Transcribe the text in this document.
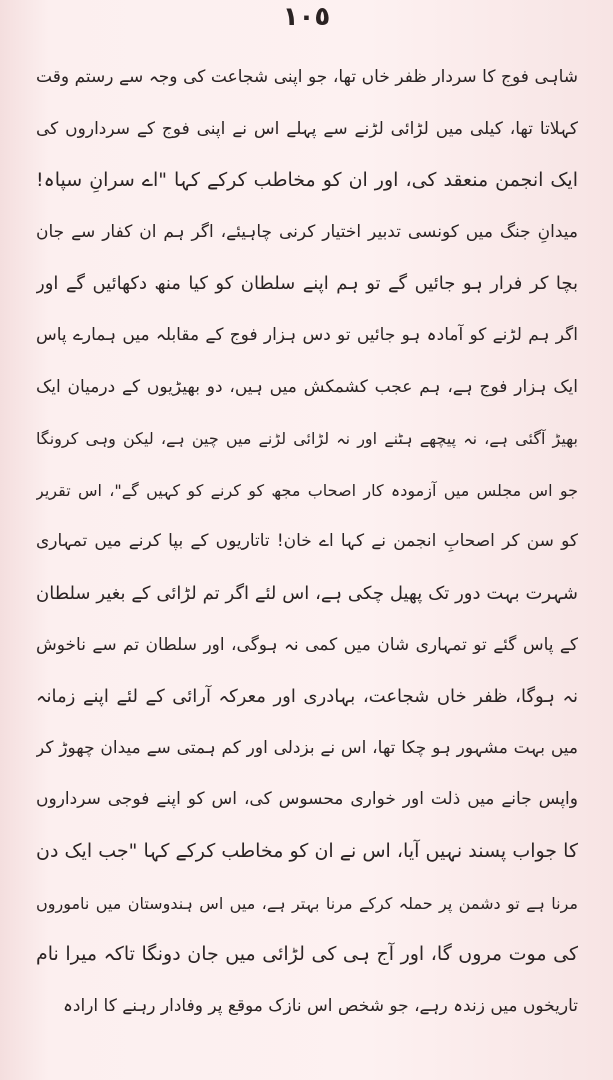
١٠٥
شاہی فوج کا سردار ظفر خاں تھا، جو اپنی شجاعت کی وجہ سے رستم وقت
کہلاتا تھا، کیلی میں لڑائی لڑنے سے پہلے اس نے اپنی فوج کے سرداروں کی
ایک انجمن منعقد کی، اور ان کو مخاطب کرکے کہا "اے سرانِ سپاہ!
میدانِ جنگ میں کونسی تدبیر اختیار کرنی چاہیئے، اگر ہم ان کفار سے جان
بچا کر فرار ہو جائیں گے تو ہم اپنے سلطان کو کیا منھ دکھائیں گے اور
اگر ہم لڑنے کو آمادہ ہو جائیں تو دس ہزار فوج کے مقابلہ میں ہمارے پاس
ایک ہزار فوج ہے، ہم عجب کشمکش میں ہیں، دو بھیڑیوں کے درمیان ایک
بھیڑ آگئی ہے، نہ پیچھے ہٹنے اور نہ لڑائی لڑنے میں چین ہے، لیکن وہی کرونگا
جو اس مجلس میں آزمودہ کار اصحاب مجھ کو کرنے کو کہیں گے"، اس تقریر
کو سن کر اصحابِ انجمن نے کہا اے خان! تاتاریوں کے بپا کرنے میں تمہاری
شہرت بہت دور تک پھیل چکی ہے، اس لئے اگر تم لڑائی کے بغیر سلطان
کے پاس گئے تو تمہاری شان میں کمی نہ ہوگی، اور سلطان تم سے ناخوش
نہ ہوگا، ظفر خاں شجاعت، بہادری اور معرکہ آرائی کے لئے اپنے زمانہ
میں بہت مشہور ہو چکا تھا، اس نے بزدلی اور کم ہمتی سے میدان چھوڑ کر
واپس جانے میں ذلت اور خواری محسوس کی، اس کو اپنے فوجی سرداروں
کا جواب پسند نہیں آیا، اس نے ان کو مخاطب کرکے کہا "جب ایک دن
مرنا ہے تو دشمن پر حملہ کرکے مرنا بہتر ہے، میں اس ہندوستان میں ناموروں
کی موت مروں گا، اور آج ہی کی لڑائی میں جان دونگا تاکہ میرا نام
تاریخوں میں زندہ رہے، جو شخص اس نازک موقع پر وفادار رہنے کا ارادہ
